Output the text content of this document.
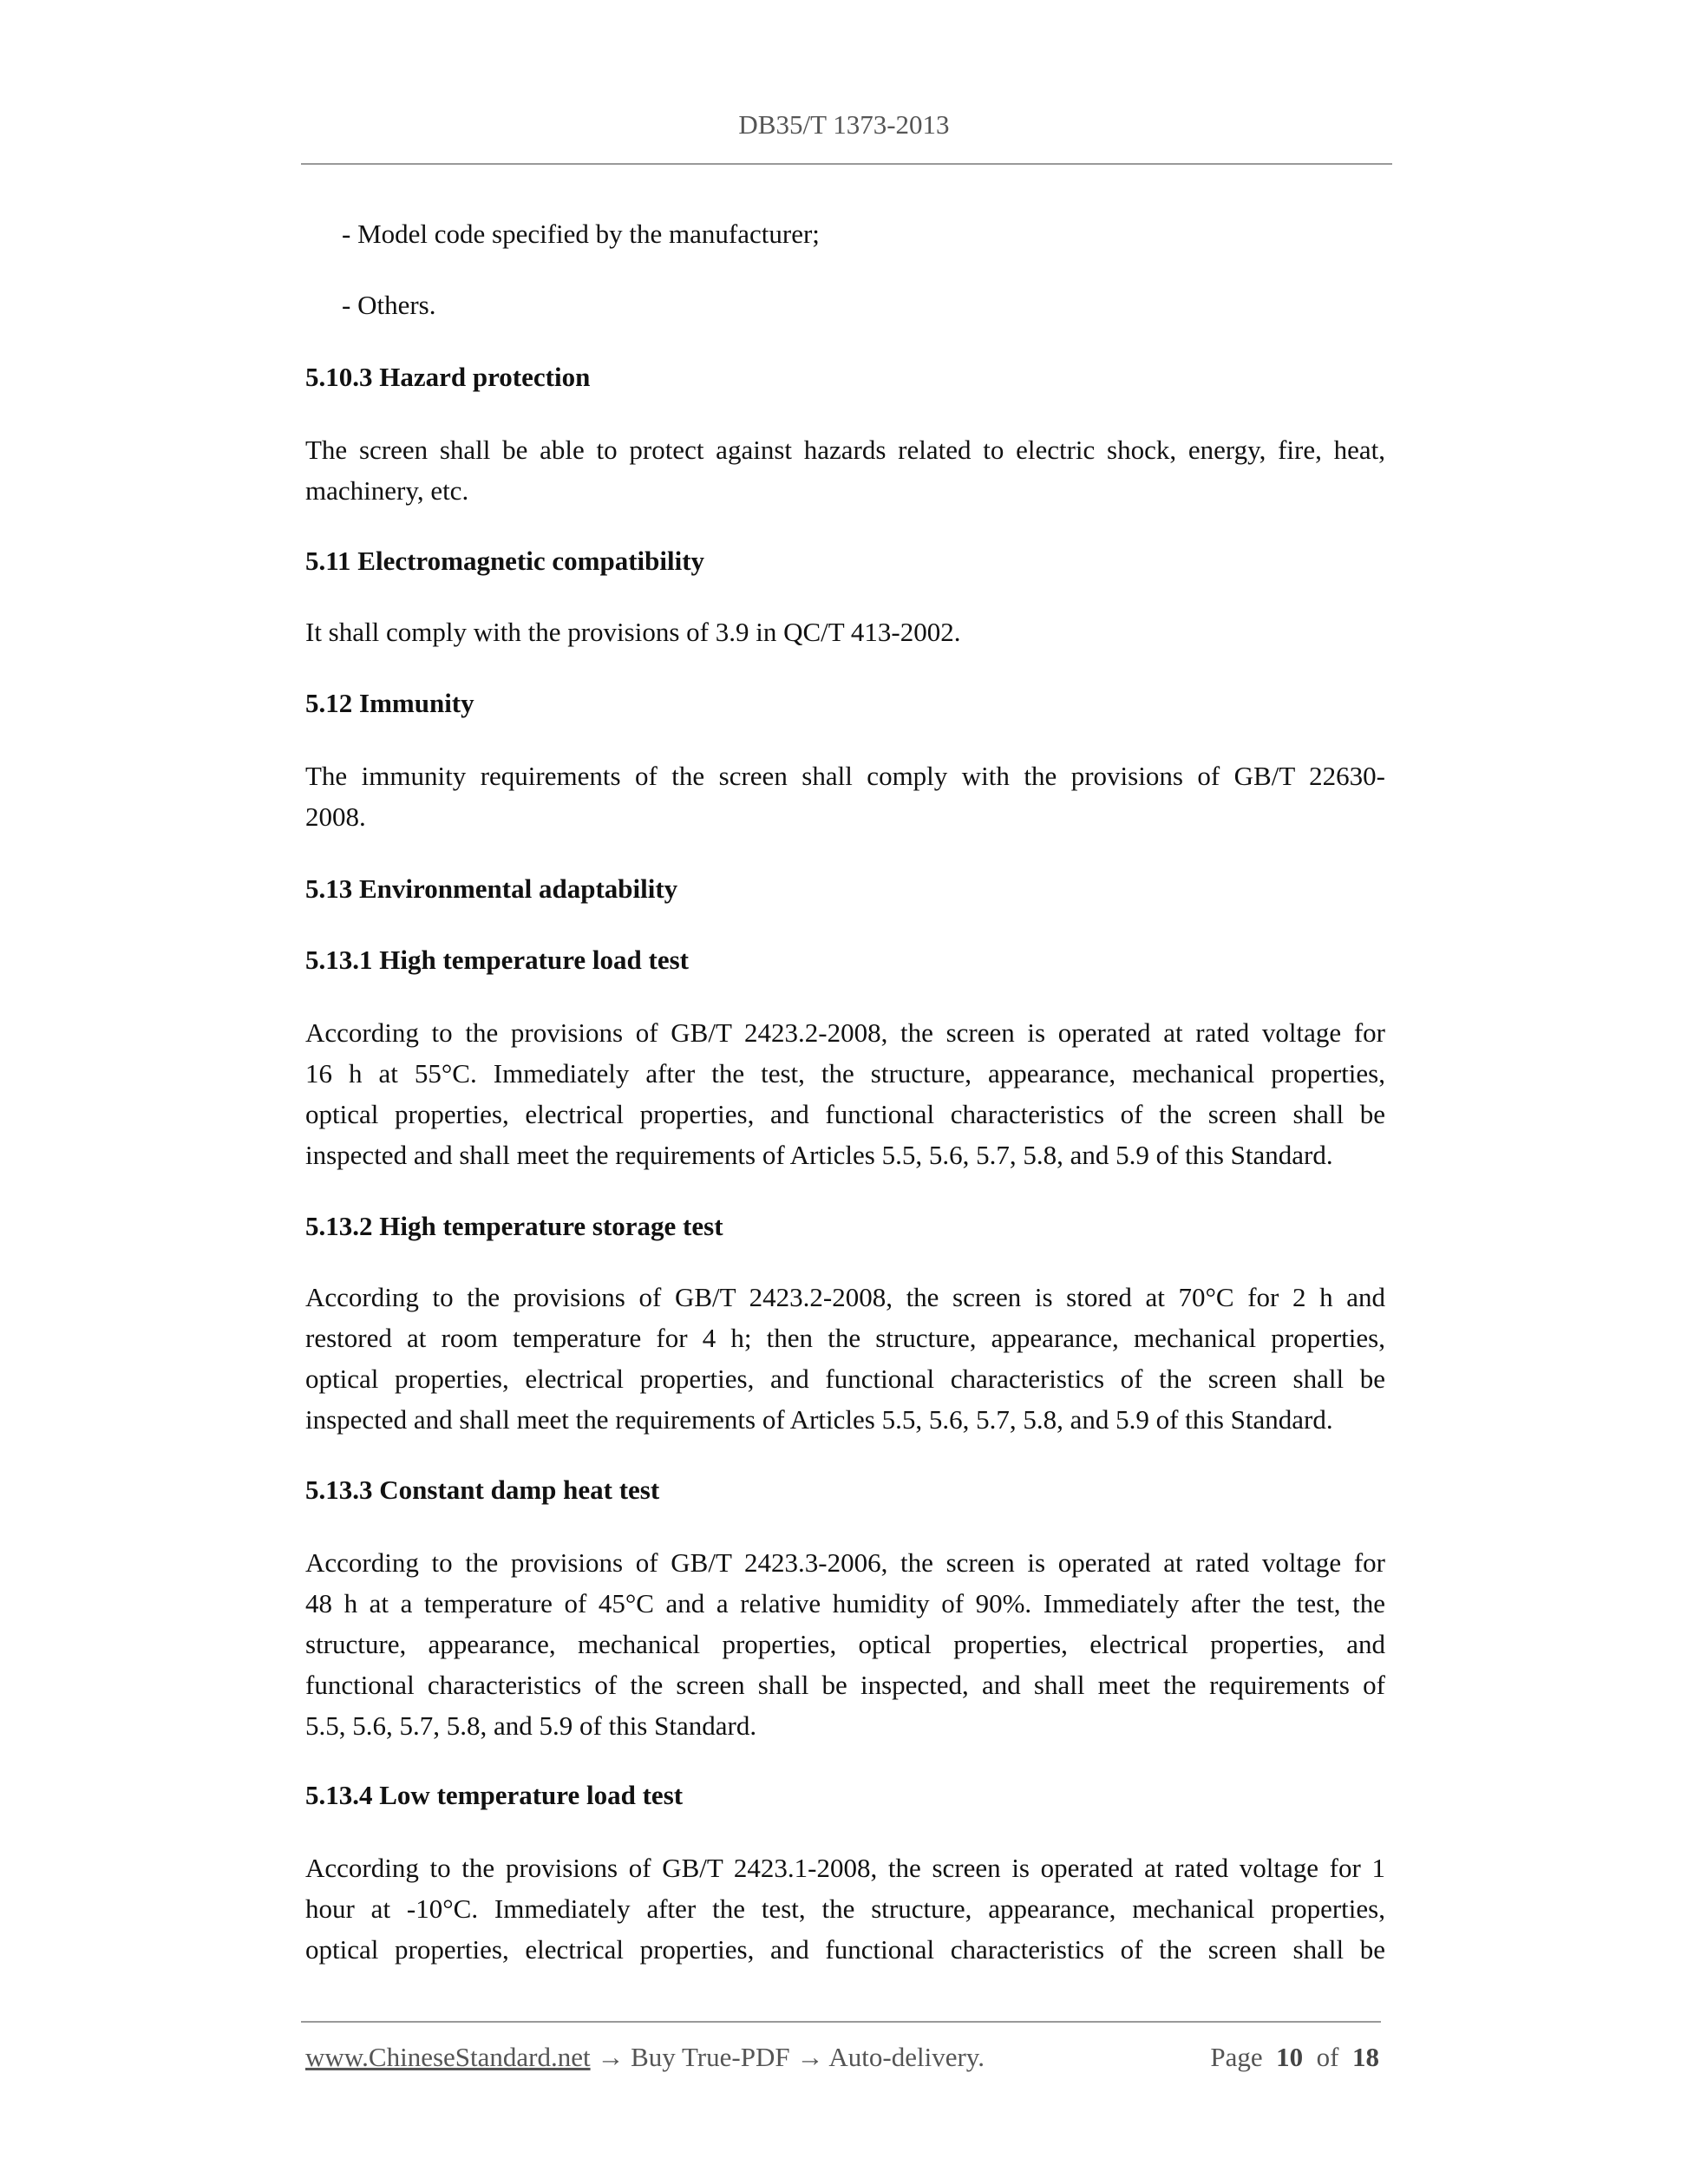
DB35/T 1373-2013
- Model code specified by the manufacturer;
- Others.
5.10.3 Hazard protection
The screen shall be able to protect against hazards related to electric shock, energy, fire, heat,
machinery, etc.
5.11 Electromagnetic compatibility
It shall comply with the provisions of 3.9 in QC/T 413-2002.
5.12 Immunity
The immunity requirements of the screen shall comply with the provisions of GB/T 22630-
2008.
5.13 Environmental adaptability
5.13.1 High temperature load test
According to the provisions of GB/T 2423.2-2008, the screen is operated at rated voltage for
16 h at 55°C. Immediately after the test, the structure, appearance, mechanical properties,
optical properties, electrical properties, and functional characteristics of the screen shall be
inspected and shall meet the requirements of Articles 5.5, 5.6, 5.7, 5.8, and 5.9 of this Standard.
5.13.2 High temperature storage test
According to the provisions of GB/T 2423.2-2008, the screen is stored at 70°C for 2 h and
restored at room temperature for 4 h; then the structure, appearance, mechanical properties,
optical properties, electrical properties, and functional characteristics of the screen shall be
inspected and shall meet the requirements of Articles 5.5, 5.6, 5.7, 5.8, and 5.9 of this Standard.
5.13.3 Constant damp heat test
According to the provisions of GB/T 2423.3-2006, the screen is operated at rated voltage for
48 h at a temperature of 45°C and a relative humidity of 90%. Immediately after the test, the
structure, appearance, mechanical properties, optical properties, electrical properties, and
functional characteristics of the screen shall be inspected, and shall meet the requirements of
5.5, 5.6, 5.7, 5.8, and 5.9 of this Standard.
5.13.4 Low temperature load test
According to the provisions of GB/T 2423.1-2008, the screen is operated at rated voltage for 1
hour at -10°C. Immediately after the test, the structure, appearance, mechanical properties,
optical properties, electrical properties, and functional characteristics of the screen shall be
www.ChineseStandard.net → Buy True-PDF → Auto-delivery.	Page 10 of 18
